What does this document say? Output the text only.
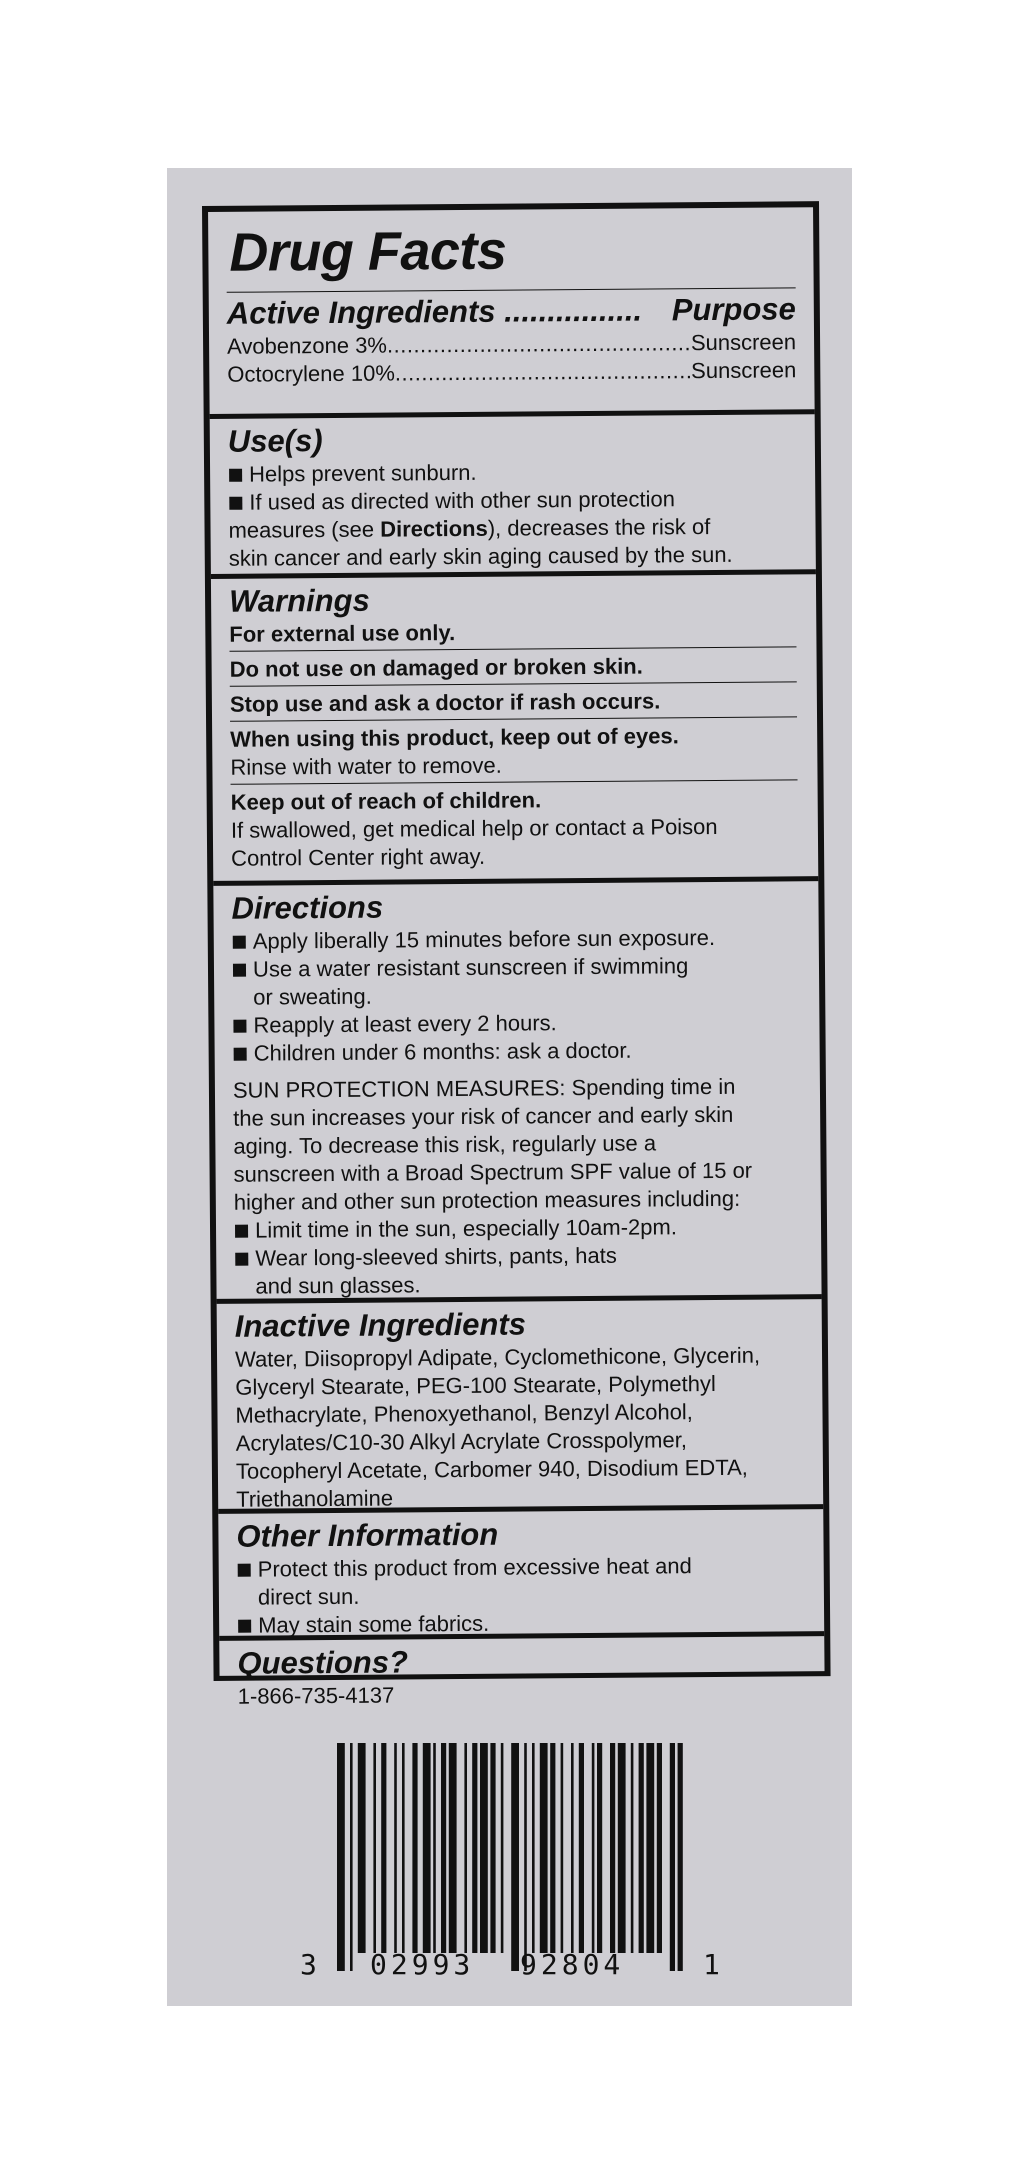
Drug Facts
Active Ingredients ................ Purpose
Avobenzone 3% .....	Sunscreen
Octocrylene 10% .....	Sunscreen
Use(s)
Helps prevent sunburn.
If used as directed with other sun protection
measures (see Directions), decreases the risk of
skin cancer and early skin aging caused by the sun.
Warnings
For external use only.
Do not use on damaged or broken skin.
Stop use and ask a doctor if rash occurs.
When using this product, keep out of eyes.
Rinse with water to remove.
Keep out of reach of children.
If swallowed, get medical help or contact a Poison
Control Center right away.
Directions
Apply liberally 15 minutes before sun exposure.
Use a water resistant sunscreen if swimming
or sweating.
Reapply at least every 2 hours.
Children under 6 months: ask a doctor.
SUN PROTECTION MEASURES: Spending time in
the sun increases your risk of cancer and early skin
aging. To decrease this risk, regularly use a
sunscreen with a Broad Spectrum SPF value of 15 or
higher and other sun protection measures including:
Limit time in the sun, especially 10am-2pm.
Wear long-sleeved shirts, pants, hats
and sun glasses.
Inactive Ingredients
Water, Diisopropyl Adipate, Cyclomethicone, Glycerin,
Glyceryl Stearate, PEG-100 Stearate, Polymethyl
Methacrylate, Phenoxyethanol, Benzyl Alcohol,
Acrylates/C10-30 Alkyl Acrylate Crosspolymer,
Tocopheryl Acetate, Carbomer 940, Disodium EDTA,
Triethanolamine
Other Information
Protect this product from excessive heat and
direct sun.
May stain some fabrics.
Questions?
1-866-735-4137
3 02993 92804	1
